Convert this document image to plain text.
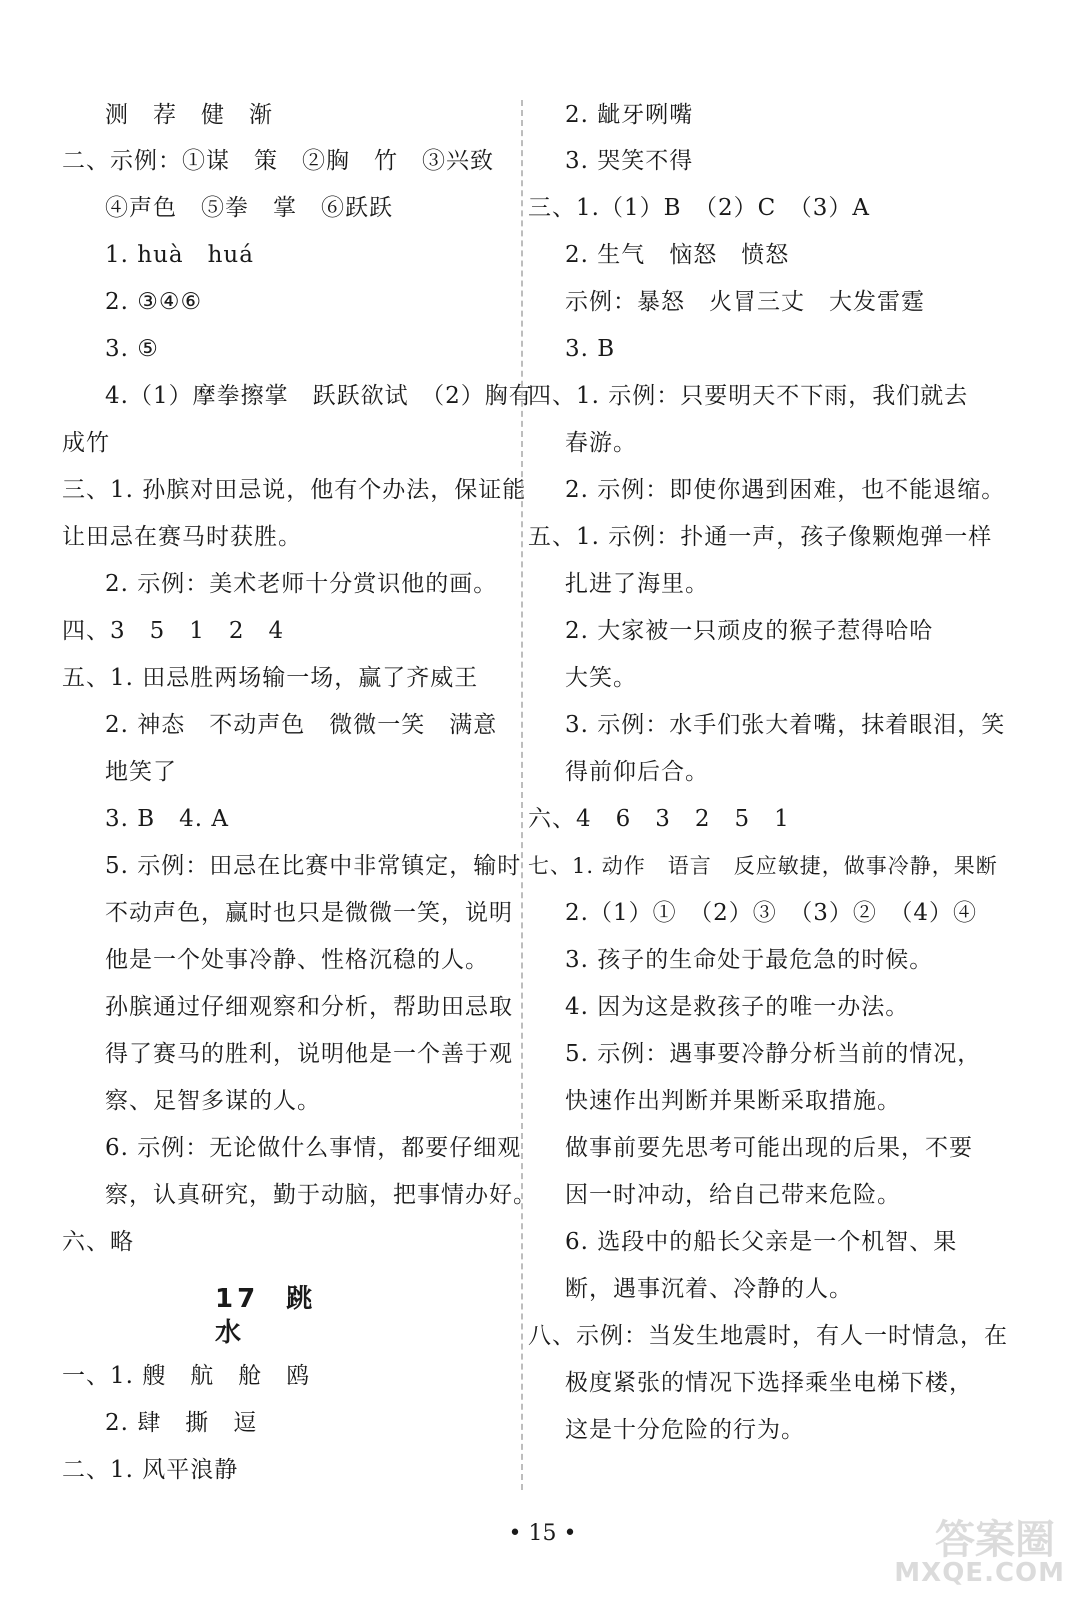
测　荐　健　渐
二、示例：①谋　策　②胸　竹　③兴致
④声色　⑤拳　掌　⑥跃跃
1. huà　huá
2. ③④⑥
3. ⑤
4.（1）摩拳擦掌　跃跃欲试　（2）胸有
成竹
三、1. 孙膑对田忌说，他有个办法，保证能
让田忌在赛马时获胜。
2. 示例：美术老师十分赏识他的画。
四、3　5　1　2　4
五、1. 田忌胜两场输一场，赢了齐威王
2. 神态　不动声色　微微一笑　满意
地笑了
3. B　4. A
5. 示例：田忌在比赛中非常镇定，输时
不动声色，赢时也只是微微一笑，说明
他是一个处事冷静、性格沉稳的人。
孙膑通过仔细观察和分析，帮助田忌取
得了赛马的胜利，说明他是一个善于观
察、足智多谋的人。
6. 示例：无论做什么事情，都要仔细观
察，认真研究，勤于动脑，把事情办好。
六、略
17 跳 水
一、1. 艘　航　舱　鸥
2. 肆　撕　逗
二、1. 风平浪静
2. 龇牙咧嘴
3. 哭笑不得
三、1.（1）B　（2）C　（3）A
2. 生气　恼怒　愤怒
示例：暴怒　火冒三丈　大发雷霆
3. B
四、1. 示例：只要明天不下雨，我们就去
春游。
2. 示例：即使你遇到困难，也不能退缩。
五、1. 示例：扑通一声，孩子像颗炮弹一样
扎进了海里。
2. 大家被一只顽皮的猴子惹得哈哈
大笑。
3. 示例：水手们张大着嘴，抹着眼泪，笑
得前仰后合。
六、4　6　3　2　5　1
七、1. 动作　语言　反应敏捷，做事冷静，果断
2.（1）①　（2）③　（3）②　（4）④
3. 孩子的生命处于最危急的时候。
4. 因为这是救孩子的唯一办法。
5. 示例：遇事要冷静分析当前的情况，
快速作出判断并果断采取措施。
做事前要先思考可能出现的后果，不要
因一时冲动，给自己带来危险。
6. 选段中的船长父亲是一个机智、果
断，遇事沉着、冷静的人。
八、示例：当发生地震时，有人一时情急，在
极度紧张的情况下选择乘坐电梯下楼，
这是十分危险的行为。
• 15 •	答案圈
MXQE.COM
